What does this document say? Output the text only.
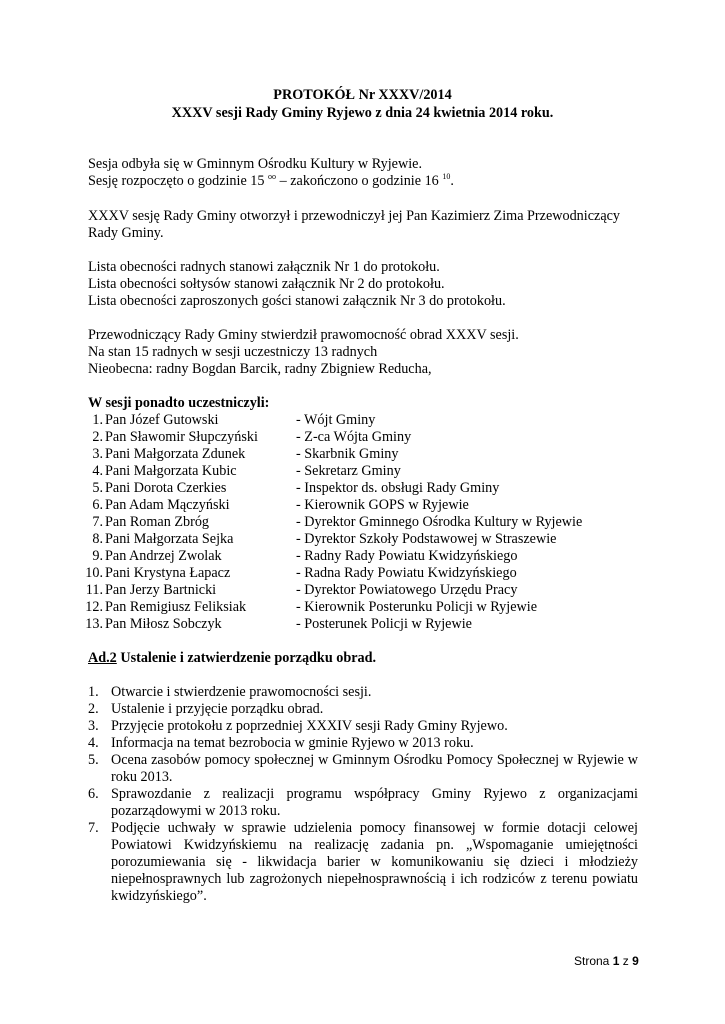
PROTOKÓŁ Nr XXXV/2014
XXXV sesji Rady Gminy Ryjewo z dnia 24 kwietnia 2014 roku.
Sesja odbyła się w Gminnym Ośrodku Kultury w Ryjewie.
Sesję rozpoczęto o godzinie 15 $^{oo}$ – zakończono o godzinie 16 $^{10}$.
XXXV sesję Rady Gminy otworzył i przewodniczył jej Pan Kazimierz Zima Przewodniczący
Rady Gminy.
Lista obecności radnych stanowi załącznik Nr 1 do protokołu.
Lista obecności sołtysów stanowi załącznik Nr 2 do protokołu.
Lista obecności zaproszonych gości stanowi załącznik Nr 3 do protokołu.
Przewodniczący Rady Gminy stwierdził prawomocność obrad XXXV sesji.
Na stan 15 radnych w sesji uczestniczy 13 radnych
Nieobecna: radny Bogdan Barcik, radny Zbigniew Reducha,
W sesji ponadto uczestniczyli:
1. Pan Józef Gutowski	- Wójt Gminy
2. Pan Sławomir Słupczyński	- Z-ca Wójta Gminy
3. Pani Małgorzata Zdunek	- Skarbnik Gminy
4. Pani Małgorzata Kubic	- Sekretarz Gminy
5. Pani Dorota Czerkies	- Inspektor ds. obsługi Rady Gminy
6. Pan Adam Mączyński	- Kierownik GOPS w Ryjewie
7. Pan Roman Zbróg	- Dyrektor Gminnego Ośrodka Kultury w Ryjewie
8. Pani Małgorzata Sejka	- Dyrektor Szkoły Podstawowej w Straszewie
9. Pan Andrzej Zwolak	- Radny Rady Powiatu Kwidzyńskiego
10. Pani Krystyna Łapacz	- Radna Rady Powiatu Kwidzyńskiego
11. Pan Jerzy Bartnicki	- Dyrektor Powiatowego Urzędu Pracy
12. Pan Remigiusz Feliksiak	- Kierownik Posterunku Policji w Ryjewie
13. Pan Miłosz Sobczyk	- Posterunek Policji w Ryjewie
Ad.2 Ustalenie i zatwierdzenie porządku obrad.
1. Otwarcie i stwierdzenie prawomocności sesji.
2. Ustalenie i przyjęcie porządku obrad.
3. Przyjęcie protokołu z poprzedniej XXXIV sesji Rady Gminy Ryjewo.
4. Informacja na temat bezrobocia w gminie Ryjewo w 2013 roku.
5. Ocena zasobów pomocy społecznej w Gminnym Ośrodku Pomocy Społecznej w Ryjewie w roku 2013.
6. Sprawozdanie z realizacji programu współpracy Gminy Ryjewo z organizacjami pozarządowymi w 2013 roku.
7. Podjęcie uchwały w sprawie udzielenia pomocy finansowej w formie dotacji celowej Powiatowi Kwidzyńskiemu na realizację zadania pn. „Wspomaganie umiejętności porozumiewania się - likwidacja barier w komunikowaniu się dzieci i młodzieży niepełnosprawnych lub zagrożonych niepełnosprawnością i ich rodziców z terenu powiatu kwidzyńskiego”.
Strona 1 z 9
